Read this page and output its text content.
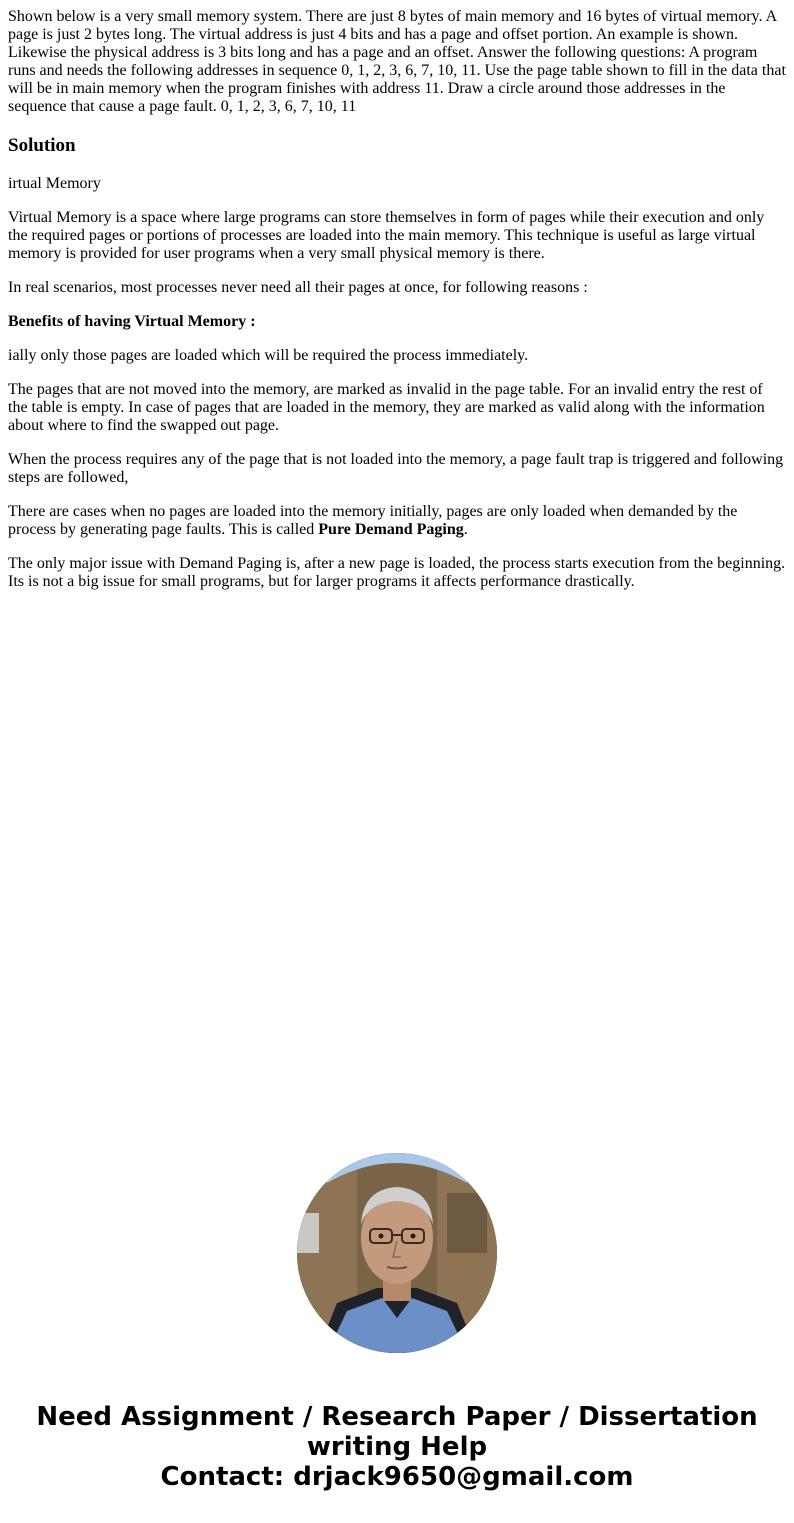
Shown below is a very small memory system. There are just 8 bytes of main memory and 16 bytes of virtual memory. A page is just 2 bytes long. The virtual address is just 4 bits and has a page and offset portion. An example is shown. Likewise the physical address is 3 bits long and has a page and an offset. Answer the following questions: A program runs and needs the following addresses in sequence 0, 1, 2, 3, 6, 7, 10, 11. Use the page table shown to fill in the data that will be in main memory when the program finishes with address 11. Draw a circle around those addresses in the sequence that cause a page fault. 0, 1, 2, 3, 6, 7, 10, 11

Solution

irtual Memory

Virtual Memory is a space where large programs can store themselves in form of pages while their execution and only the required pages or portions of processes are loaded into the main memory. This technique is useful as large virtual memory is provided for user programs when a very small physical memory is there.

In real scenarios, most processes never need all their pages at once, for following reasons :

Benefits of having Virtual Memory :

ially only those pages are loaded which will be required the process immediately.

The pages that are not moved into the memory, are marked as invalid in the page table. For an invalid entry the rest of the table is empty. In case of pages that are loaded in the memory, they are marked as valid along with the information about where to find the swapped out page.

When the process requires any of the page that is not loaded into the memory, a page fault trap is triggered and following steps are followed,

There are cases when no pages are loaded into the memory initially, pages are only loaded when demanded by the process by generating page faults. This is called Pure Demand Paging.

The only major issue with Demand Paging is, after a new page is loaded, the process starts execution from the beginning. Its is not a big issue for small programs, but for larger programs it affects performance drastically.

Need Assignment / Research Paper / Dissertation
writing Help
Contact: drjack9650@gmail.com
